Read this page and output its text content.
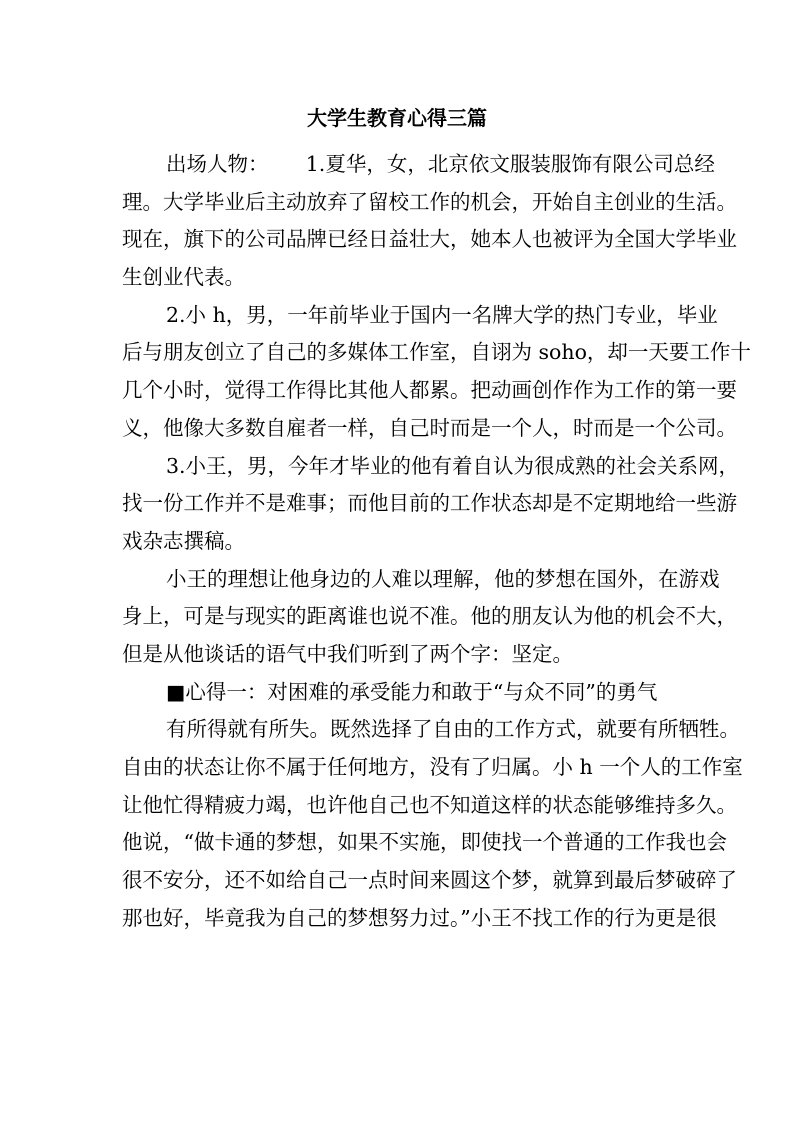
大学生教育心得三篇
出场人物：　　 1.夏华，女，北京依文服装服饰有限公司总经
理。大学毕业后主动放弃了留校工作的机会，开始自主创业的生活。
现在，旗下的公司品牌已经日益壮大，她本人也被评为全国大学毕业
生创业代表。
2.小 h，男，一年前毕业于国内一名牌大学的热门专业，毕业
后与朋友创立了自己的多媒体工作室，自诩为 soho，却一天要工作十
几个小时，觉得工作得比其他人都累。把动画创作作为工作的第一要
义，他像大多数自雇者一样，自己时而是一个人，时而是一个公司。
3.小王，男，今年才毕业的他有着自认为很成熟的社会关系网，
找一份工作并不是难事；而他目前的工作状态却是不定期地给一些游
戏杂志撰稿。
小王的理想让他身边的人难以理解，他的梦想在国外，在游戏
身上，可是与现实的距离谁也说不准。他的朋友认为他的机会不大，
但是从他谈话的语气中我们听到了两个字：坚定。
■心得一：对困难的承受能力和敢于“与众不同”的勇气
有所得就有所失。既然选择了自由的工作方式，就要有所牺牲。
自由的状态让你不属于任何地方，没有了归属。小 h 一个人的工作室
让他忙得精疲力竭，也许他自己也不知道这样的状态能够维持多久。
他说，“做卡通的梦想，如果不实施，即使找一个普通的工作我也会
很不安分，还不如给自己一点时间来圆这个梦，就算到最后梦破碎了
那也好，毕竟我为自己的梦想努力过。”小王不找工作的行为更是很
